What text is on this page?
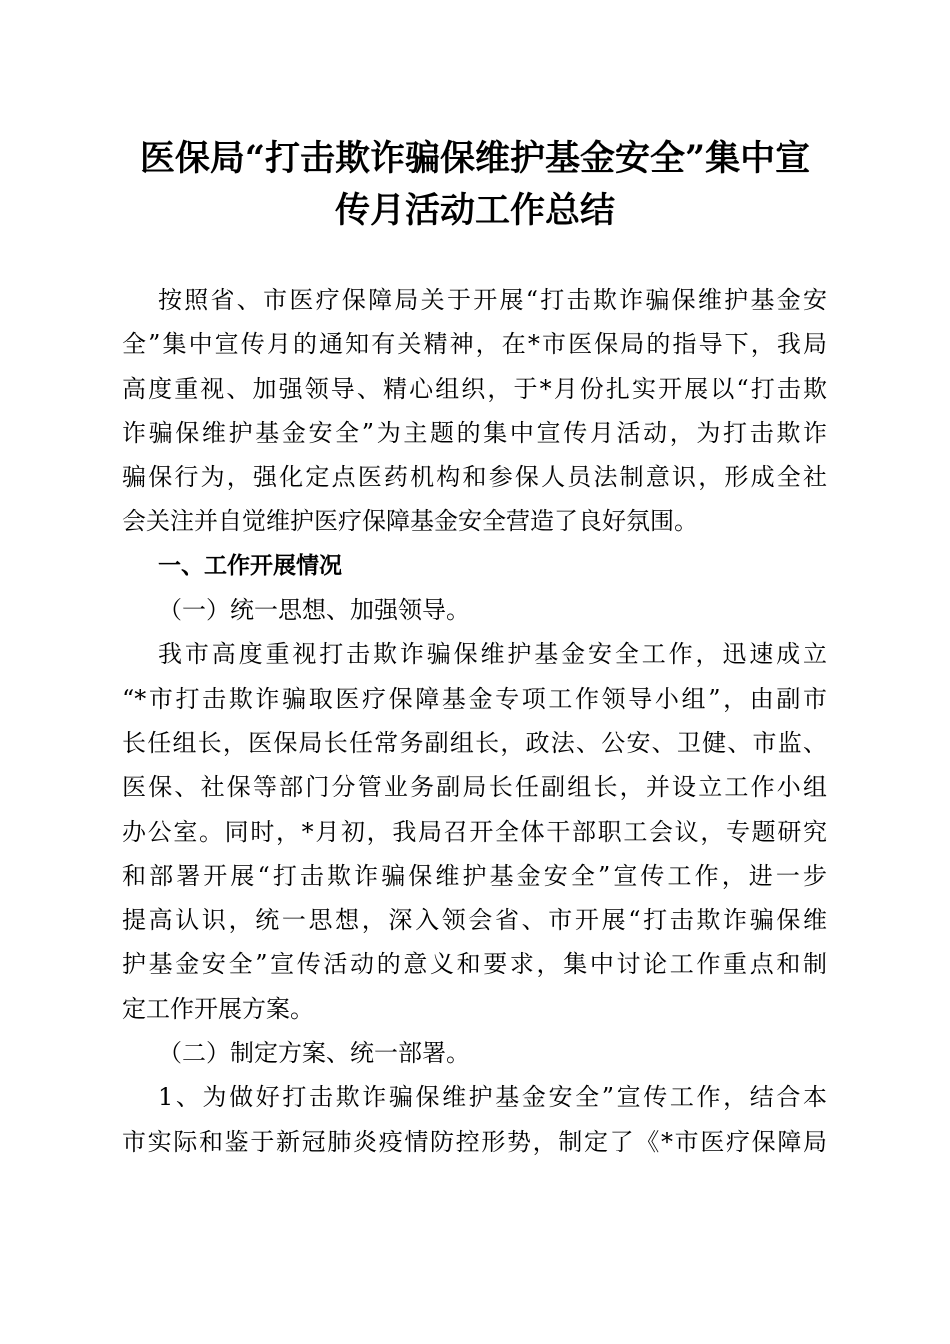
医保局“打击欺诈骗保维护基金安全”集中宣
传月活动工作总结
按照省、市医疗保障局关于开展“打击欺诈骗保维护基金安
全”集中宣传月的通知有关精神，在*市医保局的指导下，我局
高度重视、加强领导、精心组织，于*月份扎实开展以“打击欺
诈骗保维护基金安全”为主题的集中宣传月活动，为打击欺诈
骗保行为，强化定点医药机构和参保人员法制意识，形成全社
会关注并自觉维护医疗保障基金安全营造了良好氛围。
一、工作开展情况
（一）统一思想、加强领导。
我市高度重视打击欺诈骗保维护基金安全工作，迅速成立
“*市打击欺诈骗取医疗保障基金专项工作领导小组”，由副市
长任组长，医保局长任常务副组长，政法、公安、卫健、市监、
医保、社保等部门分管业务副局长任副组长，并设立工作小组
办公室。同时，*月初，我局召开全体干部职工会议，专题研究
和部署开展“打击欺诈骗保维护基金安全”宣传工作，进一步
提高认识，统一思想，深入领会省、市开展“打击欺诈骗保维
护基金安全”宣传活动的意义和要求，集中讨论工作重点和制
定工作开展方案。
（二）制定方案、统一部署。
1、为做好打击欺诈骗保维护基金安全”宣传工作，结合本
市实际和鉴于新冠肺炎疫情防控形势，制定了《*市医疗保障局
